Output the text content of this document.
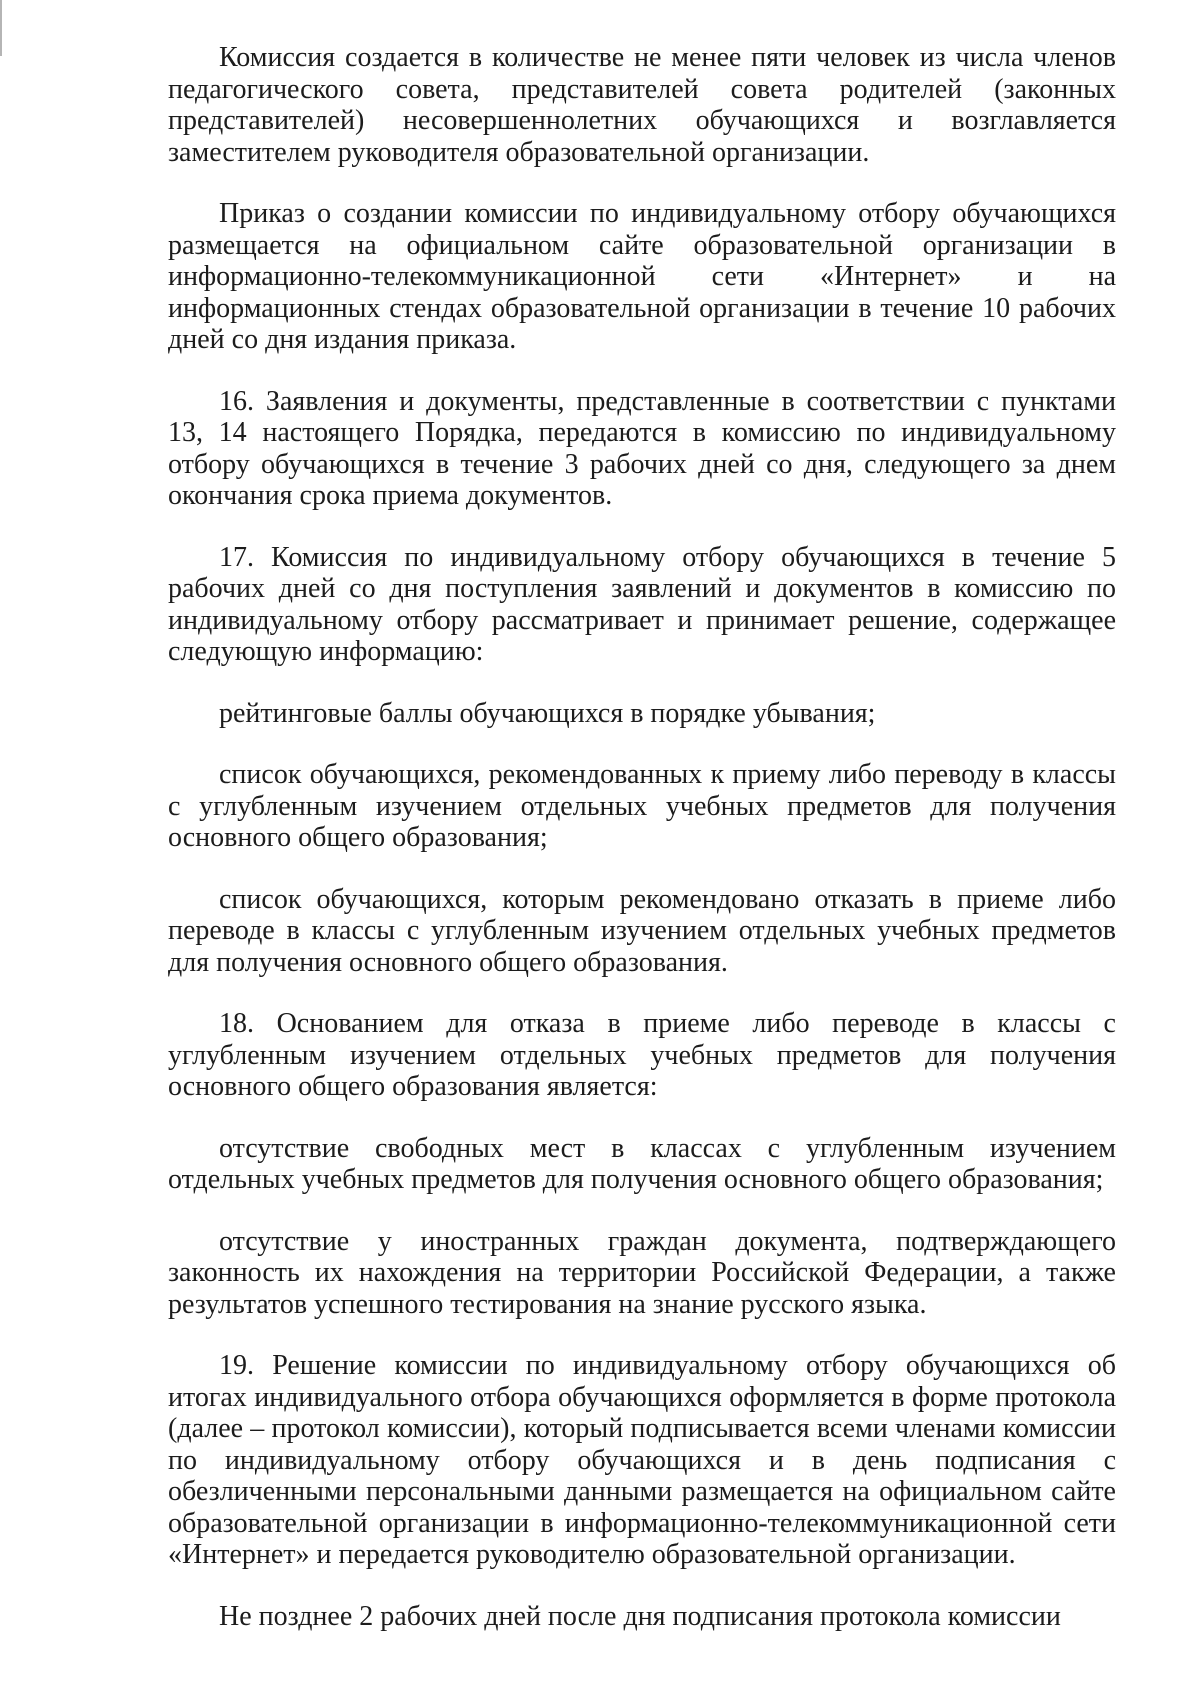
Комиссия создается в количестве не менее пяти человек из числа членов педагогического совета, представителей совета родителей (законных представителей) несовершеннолетних обучающихся и возглавляется заместителем руководителя образовательной организации.

Приказ о создании комиссии по индивидуальному отбору обучающихся размещается на официальном сайте образовательной организации в информационно-телекоммуникационной сети «Интернет» и на информационных стендах образовательной организации в течение 10 рабочих дней со дня издания приказа.

16. Заявления и документы, представленные в соответствии с пунктами 13, 14 настоящего Порядка, передаются в комиссию по индивидуальному отбору обучающихся в течение 3 рабочих дней со дня, следующего за днем окончания срока приема документов.

17. Комиссия по индивидуальному отбору обучающихся в течение 5 рабочих дней со дня поступления заявлений и документов в комиссию по индивидуальному отбору рассматривает и принимает решение, содержащее следующую информацию:

рейтинговые баллы обучающихся в порядке убывания;

список обучающихся, рекомендованных к приему либо переводу в классы с углубленным изучением отдельных учебных предметов для получения основного общего образования;

список обучающихся, которым рекомендовано отказать в приеме либо переводе в классы с углубленным изучением отдельных учебных предметов для получения основного общего образования.

18. Основанием для отказа в приеме либо переводе в классы с углубленным изучением отдельных учебных предметов для получения основного общего образования является:

отсутствие свободных мест в классах с углубленным изучением отдельных учебных предметов для получения основного общего образования;

отсутствие у иностранных граждан документа, подтверждающего законность их нахождения на территории Российской Федерации, а также результатов успешного тестирования на знание русского языка.

19. Решение комиссии по индивидуальному отбору обучающихся об итогах индивидуального отбора обучающихся оформляется в форме протокола (далее – протокол комиссии), который подписывается всеми членами комиссии по индивидуальному отбору обучающихся и в день подписания с обезличенными персональными данными размещается на официальном сайте образовательной организации в информационно-телекоммуникационной сети «Интернет» и передается руководителю образовательной организации.

Не позднее 2 рабочих дней после дня подписания протокола комиссии
